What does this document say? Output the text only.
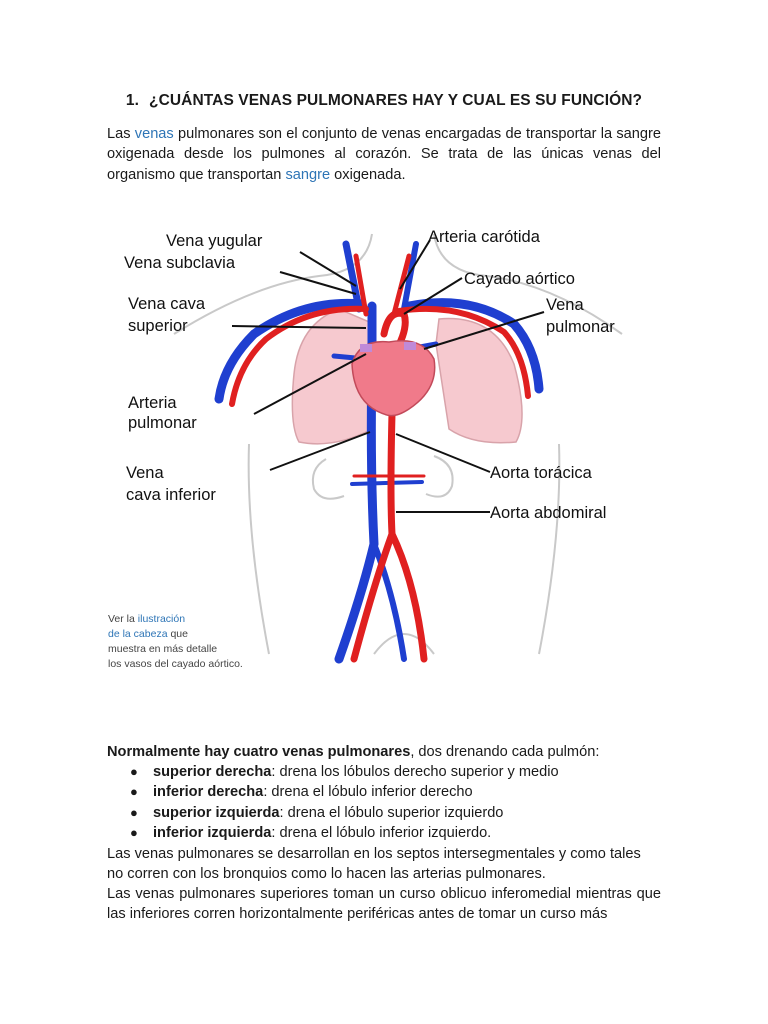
1. ¿CUÁNTAS VENAS PULMONARES HAY Y CUAL ES SU FUNCIÓN?

Las venas pulmonares son el conjunto de venas encargadas de transportar la sangre oxigenada desde los pulmones al corazón. Se trata de las únicas venas del organismo que transportan sangre oxigenada.

Vena yugular
Vena subclavia
Vena cava
superior
Arteria
pulmonar
Vena
cava inferior
Arteria carótida
Cayado aórtico
Vena
pulmonar
Aorta torácica
Aorta abdomiral
Ver la ilustración
de la cabeza que
muestra en más detalle
los vasos del cayado aórtico.

Normalmente hay cuatro venas pulmonares, dos drenando cada pulmón:

● superior derecha: drena los lóbulos derecho superior y medio
● inferior derecha: drena el lóbulo inferior derecho
● superior izquierda: drena el lóbulo superior izquierdo
● inferior izquierda: drena el lóbulo inferior izquierdo.

Las venas pulmonares se desarrollan en los septos intersegmentales y como tales no corren con los bronquios como lo hacen las arterias pulmonares.

Las venas pulmonares superiores toman un curso oblicuo inferomedial mientras que las inferiores corren horizontalmente periféricas antes de tomar un curso más
